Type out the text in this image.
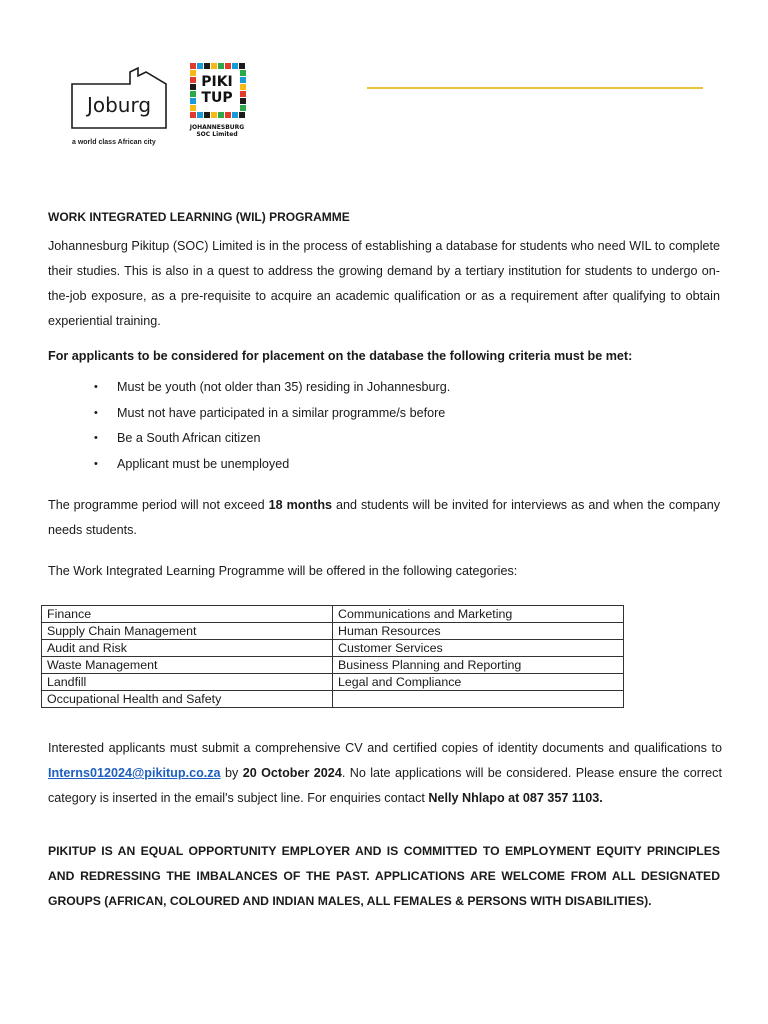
Joburg
a world class African city
PIKI
TUP
JOHANNESBURG
SOC Limited
WORK INTEGRATED LEARNING (WIL) PROGRAMME

Johannesburg Pikitup (SOC) Limited is in the process of establishing a database for students who need WIL to complete their studies. This is also in a quest to address the growing demand by a tertiary institution for students to undergo on-the-job exposure, as a pre-requisite to acquire an academic qualification or as a requirement after qualifying to obtain experiential training.

For applicants to be considered for placement on the database the following criteria must be met:
• Must be youth (not older than 35) residing in Johannesburg.
• Must not have participated in a similar programme/s before
• Be a South African citizen
• Applicant must be unemployed

The programme period will not exceed 18 months and students will be invited for interviews as and when the company needs students.

The Work Integrated Learning Programme will be offered in the following categories:

Finance	Communications and Marketing
Supply Chain Management	Human Resources
Audit and Risk	Customer Services
Waste Management	Business Planning and Reporting
Landfill	Legal and Compliance
Occupational Health and Safety	

Interested applicants must submit a comprehensive CV and certified copies of identity documents and qualifications to Interns012024@pikitup.co.za by 20 October 2024. No late applications will be considered. Please ensure the correct category is inserted in the email's subject line. For enquiries contact Nelly Nhlapo at 087 357 1103.

PIKITUP IS AN EQUAL OPPORTUNITY EMPLOYER AND IS COMMITTED TO EMPLOYMENT EQUITY PRINCIPLES AND REDRESSING THE IMBALANCES OF THE PAST. APPLICATIONS ARE WELCOME FROM ALL DESIGNATED GROUPS (AFRICAN, COLOURED AND INDIAN MALES, ALL FEMALES & PERSONS WITH DISABILITIES).
